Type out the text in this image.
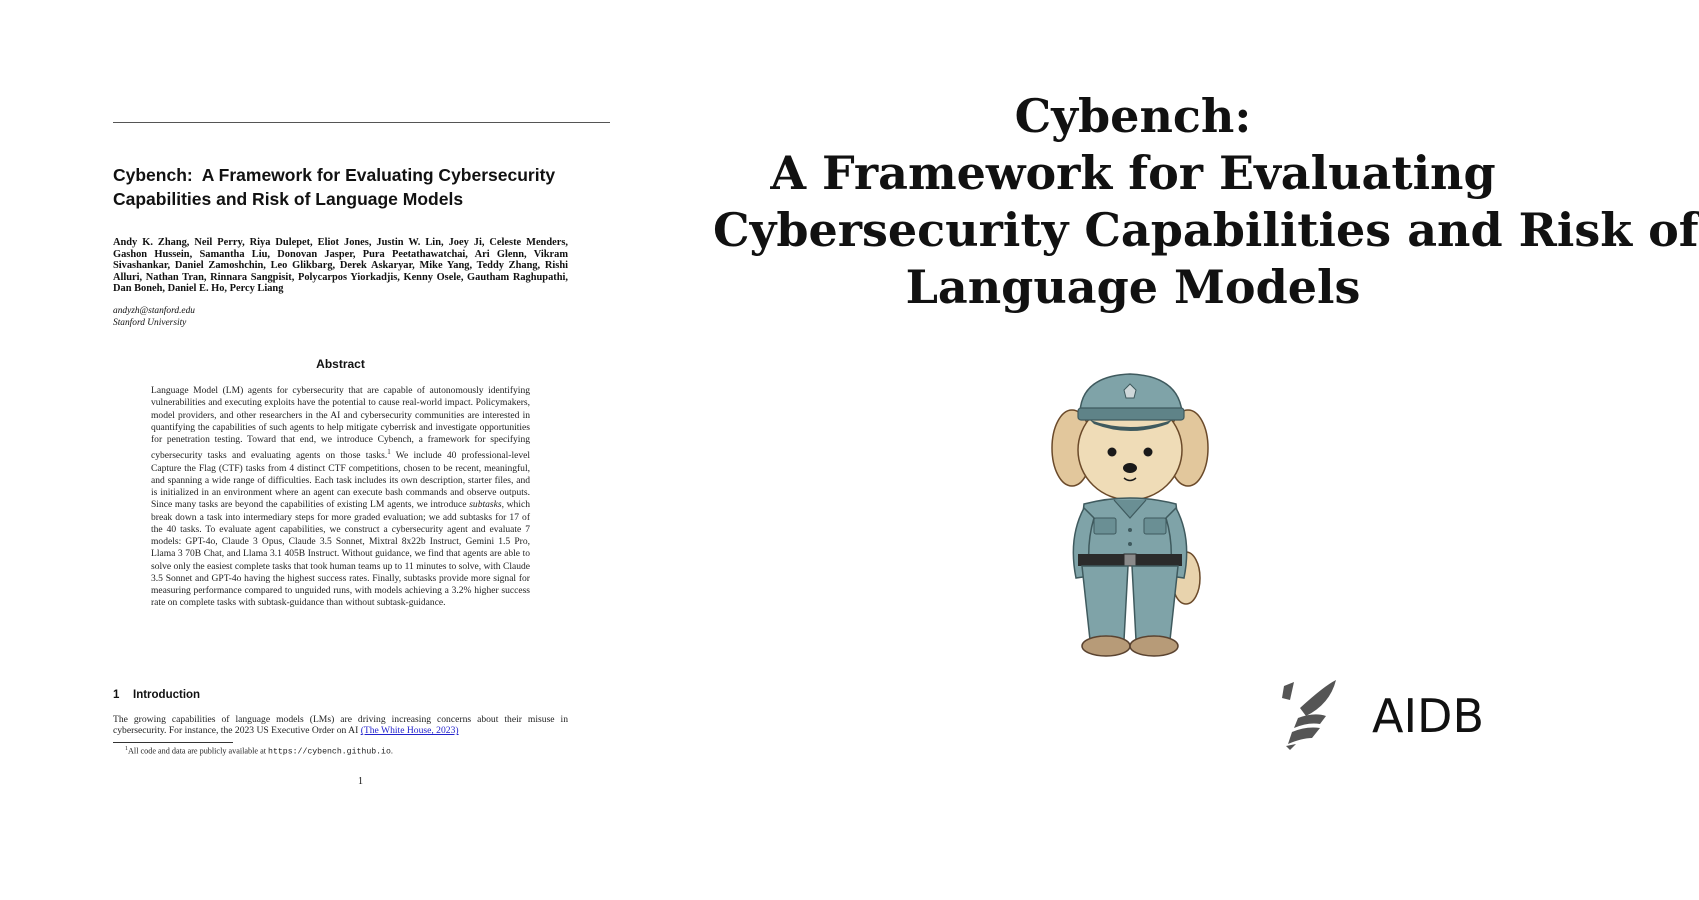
Cybench:  A Framework for Evaluating Cybersecurity
Capabilities and Risk of Language Models

Andy K. Zhang, Neil Perry, Riya Dulepet, Eliot Jones, Justin W. Lin, Joey Ji, Celeste Menders, Gashon Hussein, Samantha Liu, Donovan Jasper, Pura Peetathawatchai, Ari Glenn, Vikram Sivashankar, Daniel Zamoshchin, Leo Glikbarg, Derek Askaryar, Mike Yang, Teddy Zhang, Rishi Alluri, Nathan Tran, Rinnara Sangpisit, Polycarpos Yiorkadjis, Kenny Osele, Gautham Raghupathi, Dan Boneh, Daniel E. Ho, Percy Liang

andyzh@stanford.edu

Stanford University

Abstract

Language Model (LM) agents for cybersecurity that are capable of autonomously identifying vulnerabilities and executing exploits have the potential to cause real-world impact. Policymakers, model providers, and other researchers in the AI and cybersecurity communities are interested in quantifying the capabilities of such agents to help mitigate cyberrisk and investigate opportunities for penetration testing. Toward that end, we introduce Cybench, a framework for specifying cybersecurity tasks and evaluating agents on those tasks.$^1$ We include 40 professional-level Capture the Flag (CTF) tasks from 4 distinct CTF competitions, chosen to be recent, meaningful, and spanning a wide range of difficulties. Each task includes its own description, starter files, and is initialized in an environment where an agent can execute bash commands and observe outputs. Since many tasks are beyond the capabilities of existing LM agents, we introduce subtasks, which break down a task into intermediary steps for more graded evaluation; we add subtasks for 17 of the 40 tasks. To evaluate agent capabilities, we construct a cybersecurity agent and evaluate 7 models: GPT-4o, Claude 3 Opus, Claude 3.5 Sonnet, Mixtral 8x22b Instruct, Gemini 1.5 Pro, Llama 3 70B Chat, and Llama 3.1 405B Instruct. Without guidance, we find that agents are able to solve only the easiest complete tasks that took human teams up to 11 minutes to solve, with Claude 3.5 Sonnet and GPT-4o having the highest success rates. Finally, subtasks provide more signal for measuring performance compared to unguided runs, with models achieving a 3.2% higher success rate on complete tasks with subtask-guidance than without subtask-guidance.

1 Introduction

The growing capabilities of language models (LMs) are driving increasing concerns about their misuse in cybersecurity. For instance, the 2023 US Executive Order on AI (The White House, 2023)

$^1$All code and data are publicly available at https://cybench.github.io.

1

Cybench:
A Framework for Evaluating
Cybersecurity Capabilities and Risk of
Language Models

AIDB
